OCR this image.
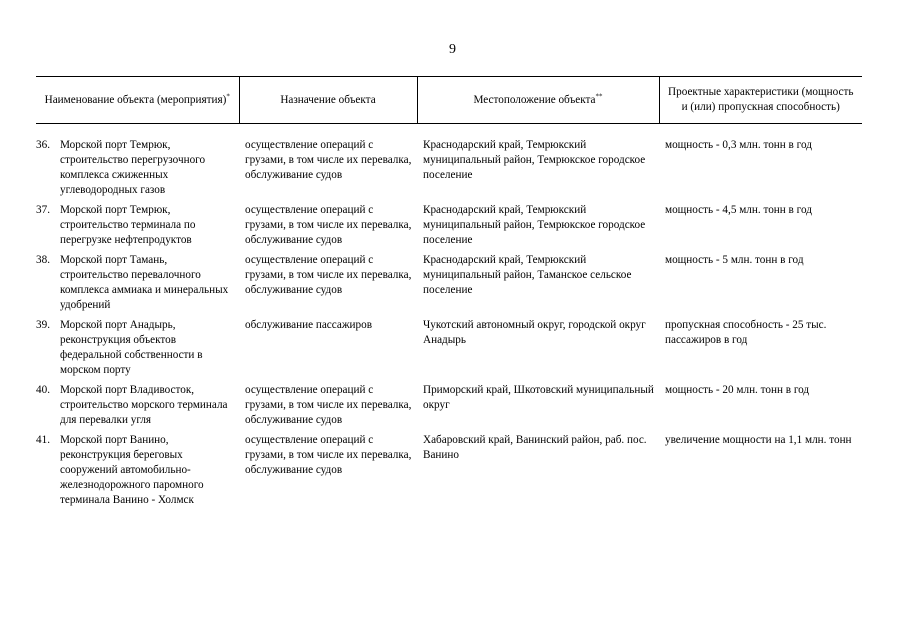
9
Наименование объекта (мероприятия)*	Назначение объекта	Местоположение объекта**	Проектные характеристики (мощность и (или) пропускная способность)

36. Морской порт Темрюк, строительство перегрузочного комплекса сжиженных углеводородных газов	осуществление операций с грузами, в том числе их перевалка, обслуживание судов	Краснодарский край, Темрюкский муниципальный район, Темрюкское городское поселение	мощность - 0,3 млн. тонн в год

37. Морской порт Темрюк, строительство терминала по перегрузке нефтепродуктов	осуществление операций с грузами, в том числе их перевалка, обслуживание судов	Краснодарский край, Темрюкский муниципальный район, Темрюкское городское поселение	мощность - 4,5 млн. тонн в год

38. Морской порт Тамань, строительство перевалочного комплекса аммиака и минеральных удобрений	осуществление операций с грузами, в том числе их перевалка, обслуживание судов	Краснодарский край, Темрюкский муниципальный район, Таманское сельское поселение	мощность - 5 млн. тонн в год

39. Морской порт Анадырь, реконструкция объектов федеральной собственности в морском порту	обслуживание пассажиров	Чукотский автономный округ, городской округ Анадырь	пропускная способность - 25 тыс. пассажиров в год

40. Морской порт Владивосток, строительство морского терминала для перевалки угля	осуществление операций с грузами, в том числе их перевалка, обслуживание судов	Приморский край, Шкотовский муниципальный округ	мощность - 20 млн. тонн в год

41. Морской порт Ванино, реконструкция береговых сооружений автомобильно-железнодорожного паромного терминала Ванино - Холмск	осуществление операций с грузами, в том числе их перевалка, обслуживание судов	Хабаровский край, Ванинский район, раб. пос. Ванино	увеличение мощности на 1,1 млн. тонн
